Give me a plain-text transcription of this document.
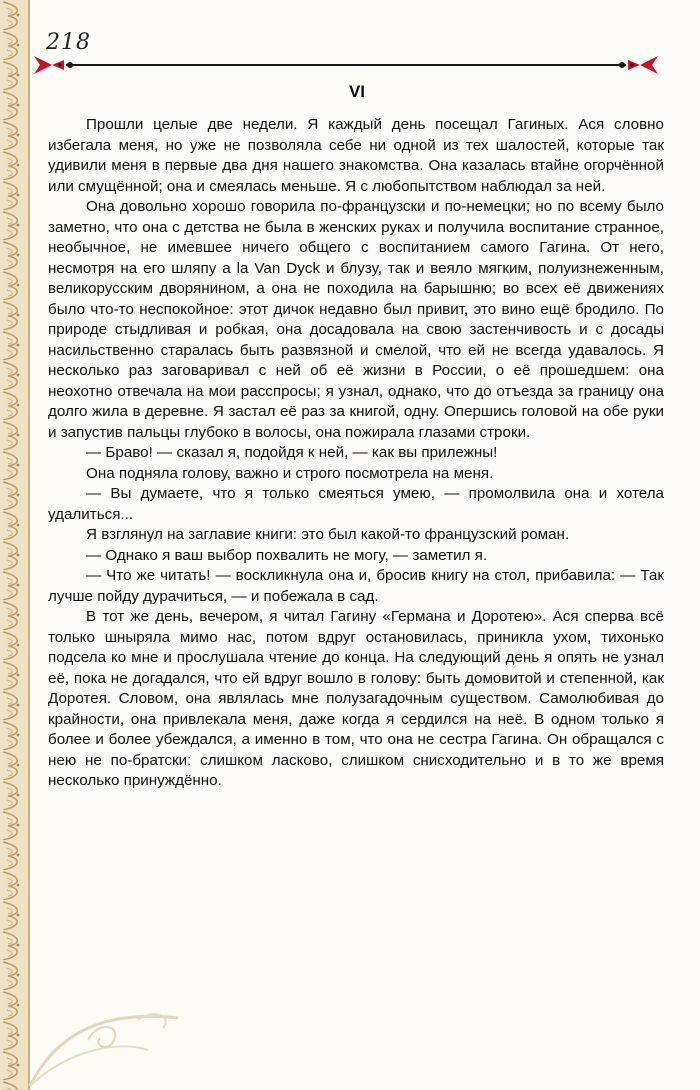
218
VI

Прошли целые две недели. Я каждый день посещал Гагиных. Ася словно избегала меня, но уже не позволяла себе ни одной из тех шалостей, которые так удивили меня в первые два дня нашего знакомства. Она казалась втайне огорчённой или смущённой; она и смеялась меньше. Я с любопытством наблюдал за ней.

Она довольно хорошо говорила по-французски и по-немецки; но по всему было заметно, что она с детства не была в женских руках и получила воспитание странное, необычное, не имевшее ничего общего с воспитанием самого Гагина. От него, несмотря на его шляпу a la Van Dyck и блузу, так и веяло мягким, полуизнеженным, великорусским дворянином, а она не походила на барышню; во всех её движениях было что-то неспокойное: этот дичок недавно был привит, это вино ещё бродило. По природе стыдливая и робкая, она досадовала на свою застенчивость и с досады насильственно старалась быть развязной и смелой, что ей не всегда удавалось. Я несколько раз заговаривал с ней об её жизни в России, о её прошедшем: она неохотно отвечала на мои расспросы; я узнал, однако, что до отъезда за границу она долго жила в деревне. Я застал её раз за книгой, одну. Опершись головой на обе руки и запустив пальцы глубоко в волосы, она пожирала глазами строки.

— Браво! — сказал я, подойдя к ней, — как вы прилежны!

Она подняла голову, важно и строго посмотрела на меня.

— Вы думаете, что я только смеяться умею, — промолвила она и хотела удалиться...

Я взглянул на заглавие книги: это был какой-то французский роман.

— Однако я ваш выбор похвалить не могу, — заметил я.

— Что же читать! — воскликнула она и, бросив книгу на стол, прибавила: — Так лучше пойду дурачиться, — и побежала в сад.

В тот же день, вечером, я читал Гагину «Германа и Доротею». Ася сперва всё только шныряла мимо нас, потом вдруг остановилась, приникла ухом, тихонько подсела ко мне и прослушала чтение до конца. На следующий день я опять не узнал её, пока не догадался, что ей вдруг вошло в голову: быть домовитой и степенной, как Доротея. Словом, она являлась мне полузагадочным существом. Самолюбивая до крайности, она привлекала меня, даже когда я сердился на неё. В одном только я более и более убеждался, а именно в том, что она не сестра Гагина. Он обращался с нею не по-братски: слишком ласково, слишком снисходительно и в то же время несколько принуждённо.
